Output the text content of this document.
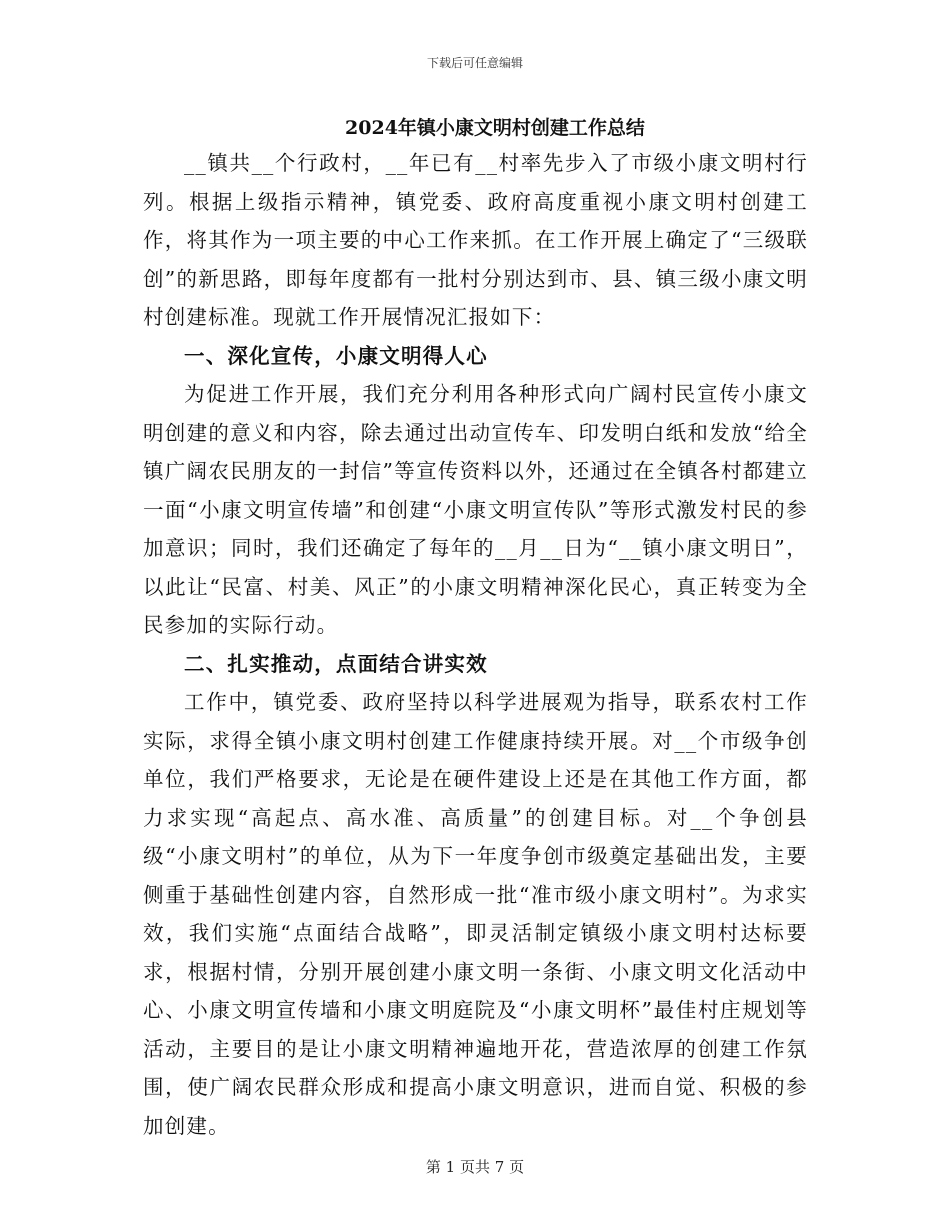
下载后可任意编辑
2024年镇小康文明村创建工作总结

__镇共__个行政村，__年已有__村率先步入了市级小康文明村行列。根据上级指示精神，镇党委、政府高度重视小康文明村创建工作，将其作为一项主要的中心工作来抓。在工作开展上确定了“三级联创”的新思路，即每年度都有一批村分别达到市、县、镇三级小康文明村创建标准。现就工作开展情况汇报如下：

一、深化宣传，小康文明得人心

为促进工作开展，我们充分利用各种形式向广阔村民宣传小康文明创建的意义和内容，除去通过出动宣传车、印发明白纸和发放“给全镇广阔农民朋友的一封信”等宣传资料以外，还通过在全镇各村都建立一面“小康文明宣传墙”和创建“小康文明宣传队”等形式激发村民的参加意识；同时，我们还确定了每年的__月__日为“__镇小康文明日”，以此让“民富、村美、风正”的小康文明精神深化民心，真正转变为全民参加的实际行动。

二、扎实推动，点面结合讲实效

工作中，镇党委、政府坚持以科学进展观为指导，联系农村工作实际，求得全镇小康文明村创建工作健康持续开展。对__个市级争创单位，我们严格要求，无论是在硬件建设上还是在其他工作方面，都力求实现“高起点、高水准、高质量”的创建目标。对__个争创县级“小康文明村”的单位，从为下一年度争创市级奠定基础出发，主要侧重于基础性创建内容，自然形成一批“准市级小康文明村”。为求实效，我们实施“点面结合战略”，即灵活制定镇级小康文明村达标要求，根据村情，分别开展创建小康文明一条街、小康文明文化活动中心、小康文明宣传墙和小康文明庭院及“小康文明杯”最佳村庄规划等活动，主要目的是让小康文明精神遍地开花，营造浓厚的创建工作氛围，使广阔农民群众形成和提高小康文明意识，进而自觉、积极的参加创建。

第 1 页共 7 页
